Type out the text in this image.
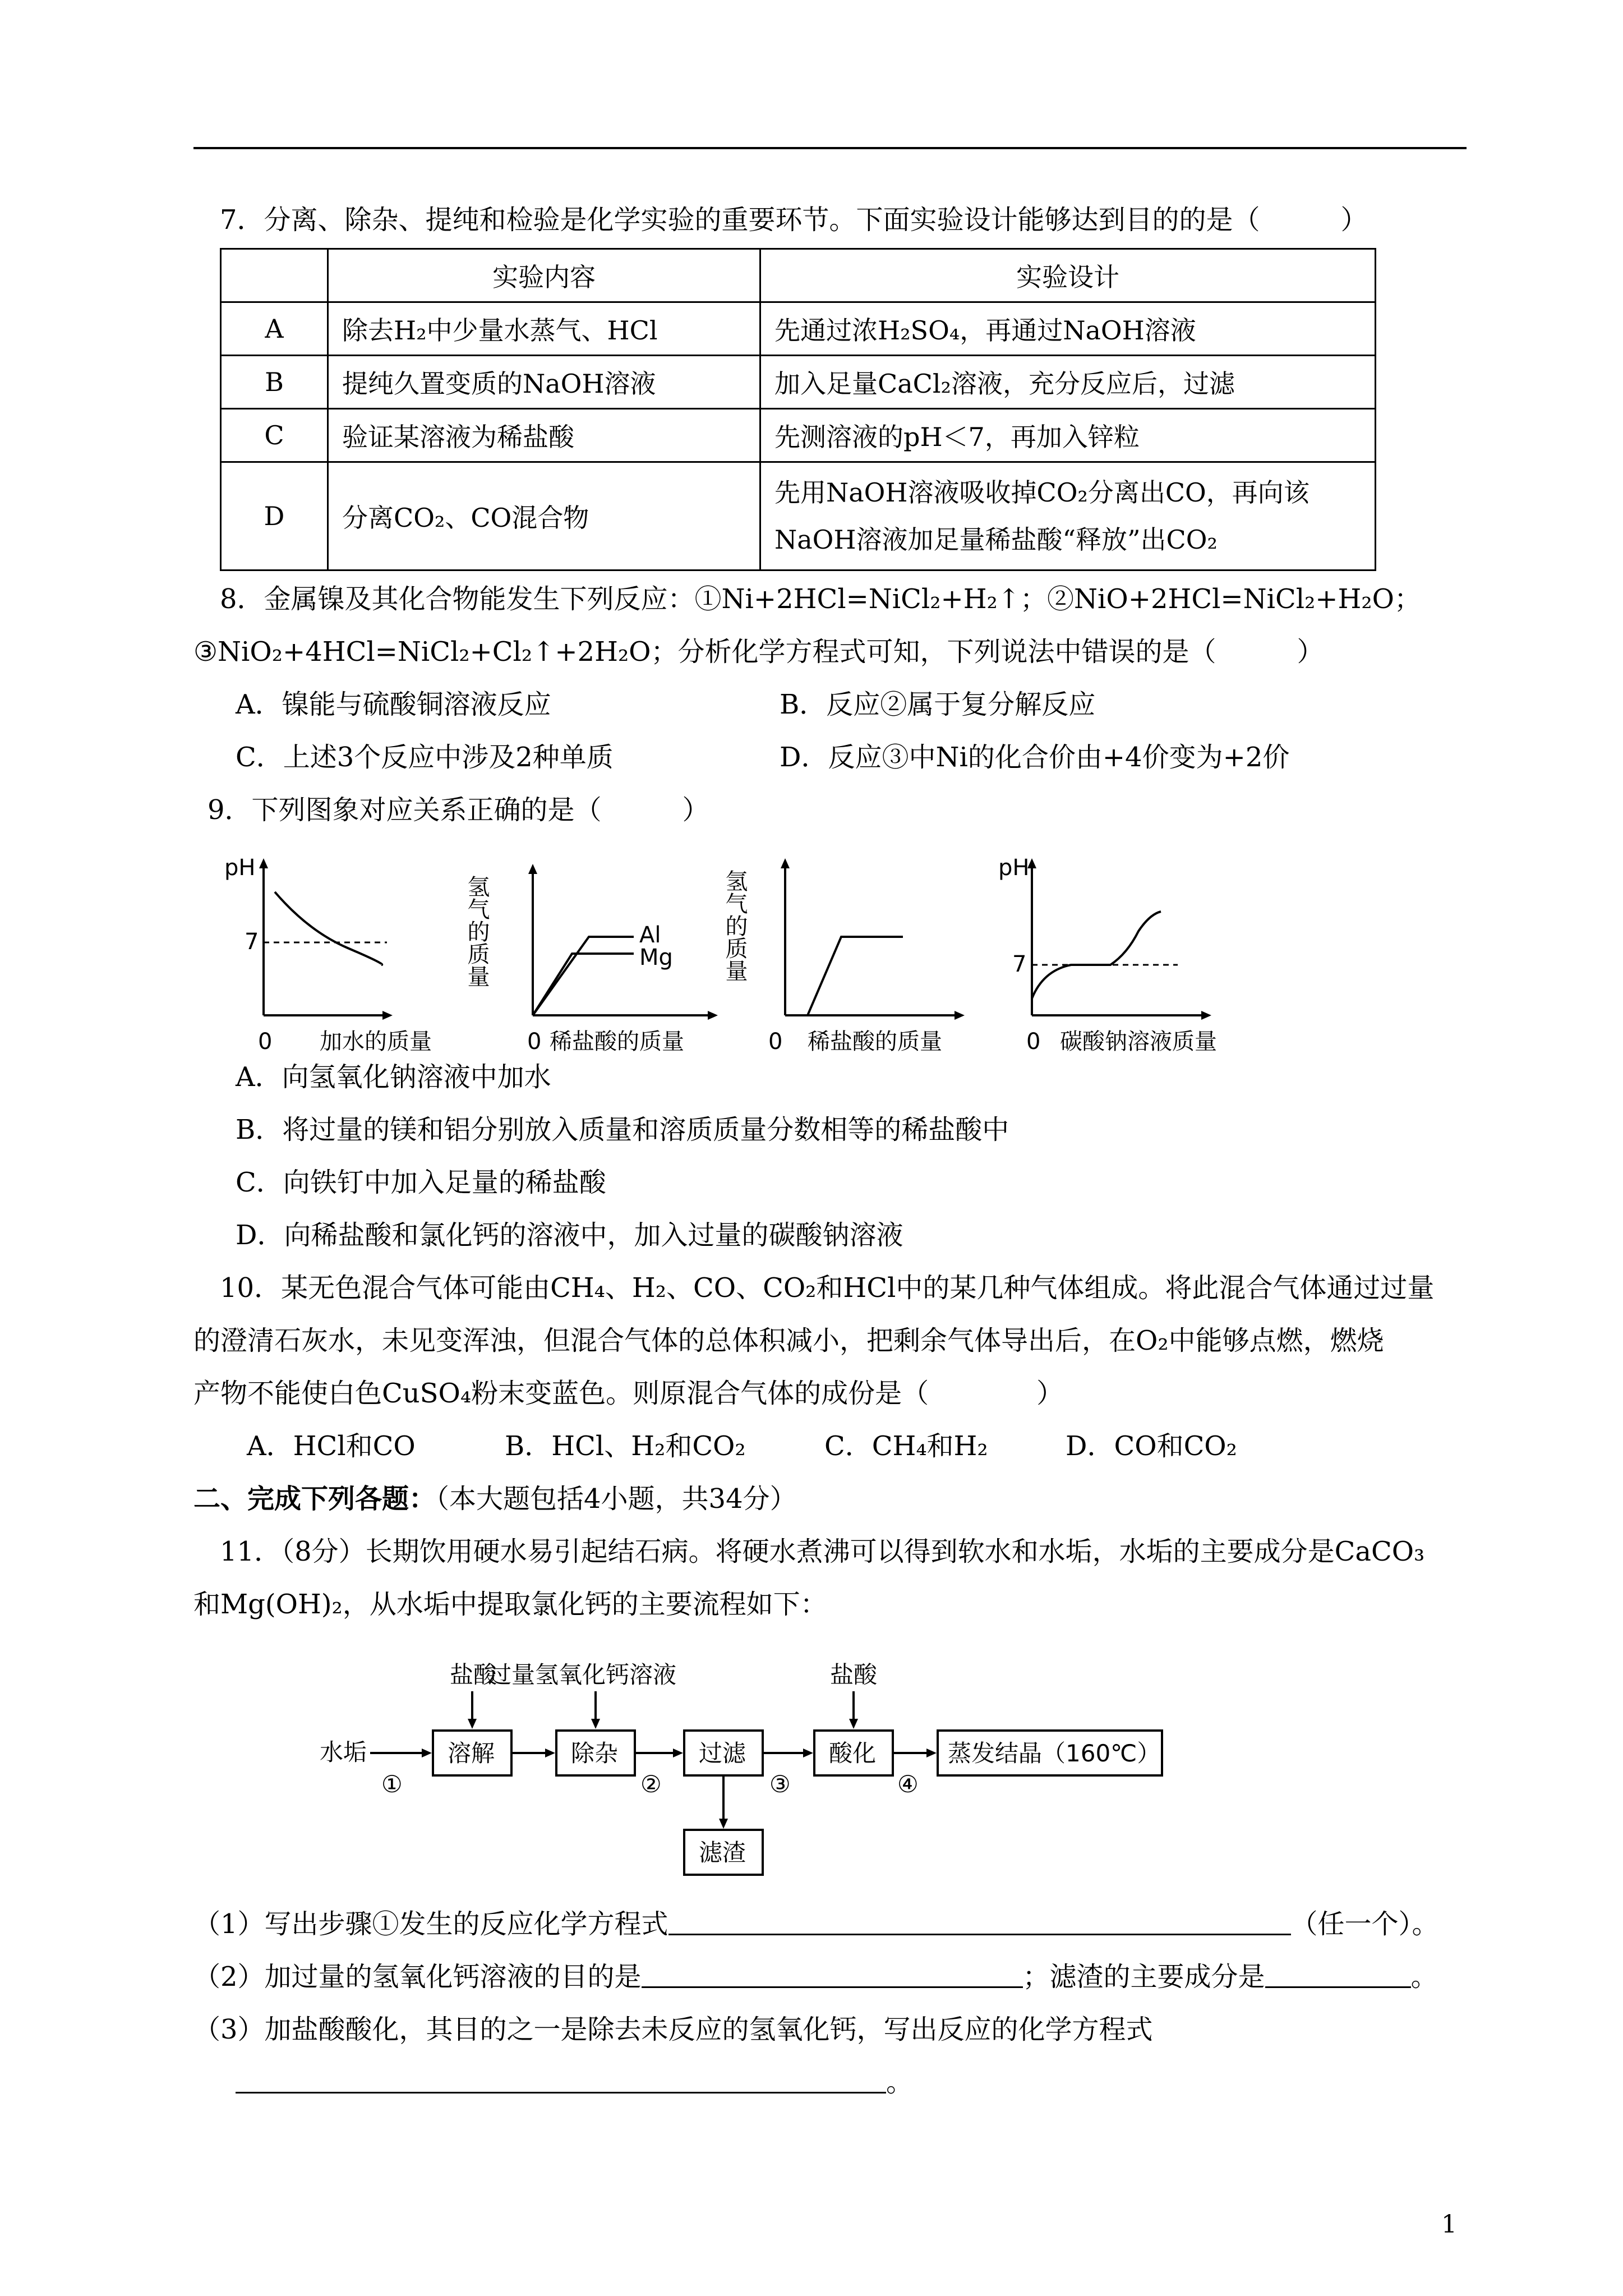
7．分离、除杂、提纯和检验是化学实验的重要环节。下面实验设计能够达到目的的是（　　　）
	实验内容	实验设计
A	除去H₂中少量水蒸气、HCl	先通过浓H₂SO₄，再通过NaOH溶液
B	提纯久置变质的NaOH溶液	加入足量CaCl₂溶液，充分反应后，过滤
C	验证某溶液为稀盐酸	先测溶液的pH＜7，再加入锌粒
D	分离CO₂、CO混合物	先用NaOH溶液吸收掉CO₂分离出CO，再向该
NaOH溶液加足量稀盐酸“释放”出CO₂
8．金属镍及其化合物能发生下列反应：①Ni+2HCl=NiCl₂+H₂↑；②NiO+2HCl=NiCl₂+H₂O；
③NiO₂+4HCl=NiCl₂+Cl₂↑+2H₂O；分析化学方程式可知，下列说法中错误的是（　　　）
A．镍能与硫酸铜溶液反应	B．反应②属于复分解反应
C．上述3个反应中涉及2种单质	D．反应③中Ni的化合价由+4价变为+2价
9．下列图象对应关系正确的是（　　　）
pH
7
0 加水的质量
氢气的质量	Al
Mg
0 稀盐酸的质量
氢气的质量
0 稀盐酸的质量
pH
7
0 碳酸钠溶液质量
A．向氢氧化钠溶液中加水
B．将过量的镁和铝分别放入质量和溶质质量分数相等的稀盐酸中
C．向铁钉中加入足量的稀盐酸
D．向稀盐酸和氯化钙的溶液中，加入过量的碳酸钠溶液
10．某无色混合气体可能由CH₄、H₂、CO、CO₂和HCl中的某几种气体组成。将此混合气体通过过量
的澄清石灰水，未见变浑浊，但混合气体的总体积减小，把剩余气体导出后，在O₂中能够点燃，燃烧
产物不能使白色CuSO₄粉末变蓝色。则原混合气体的成份是（　　　　）
A．HCl和CO	B．HCl、H₂和CO₂	C．CH₄和H₂	D．CO和CO₂
二、完成下列各题：（本大题包括4小题，共34分）
11．（8分）长期饮用硬水易引起结石病。将硬水煮沸可以得到软水和水垢，水垢的主要成分是CaCO₃
和Mg(OH)₂，从水垢中提取氯化钙的主要流程如下：
水垢
①
溶解
盐酸
除杂
过量氢氧化钙溶液
②
过滤
滤渣
③
酸化
盐酸
④
蒸发结晶（160℃）
（1）写出步骤①发生的反应化学方程式	（任一个）。
（2）加过量的氢氧化钙溶液的目的是	；滤渣的主要成分是	。
（3）加盐酸酸化，其目的之一是除去未反应的氢氧化钙，写出反应的化学方程式
。
1
